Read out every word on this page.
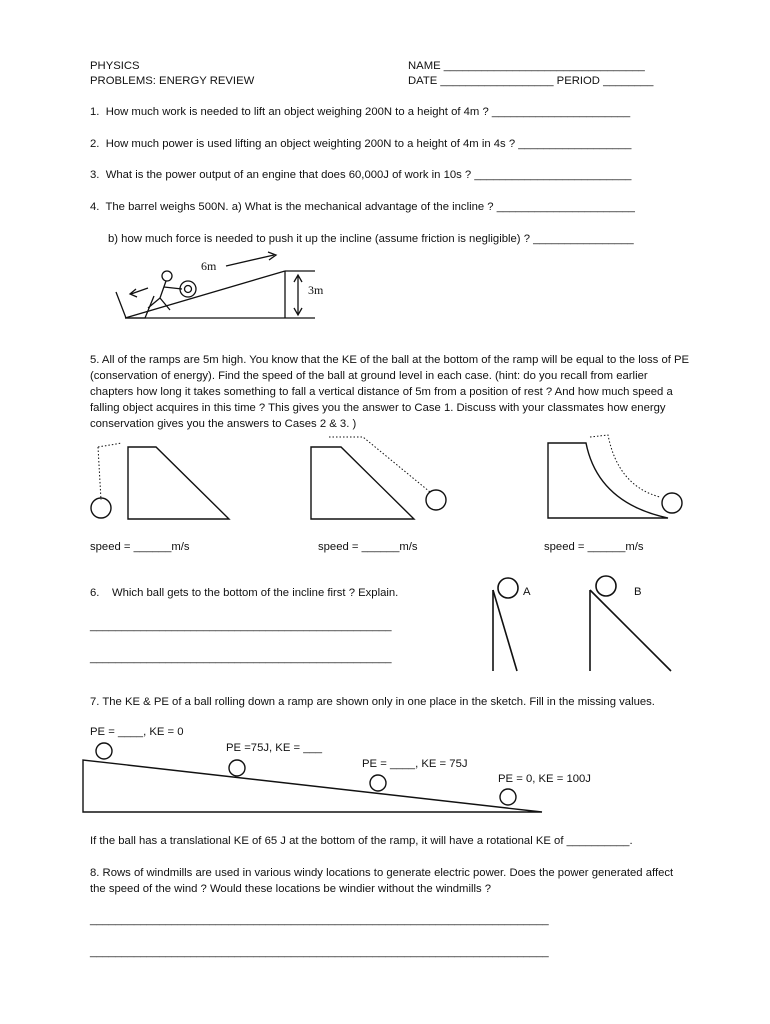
PHYSICS
PROBLEMS: ENERGY REVIEW
NAME ________________________________
DATE __________________ PERIOD ________
1.  How much work is needed to lift an object weighing 200N to a height of 4m ? ______________________
2.  How much power is used lifting an object weighting 200N to a height of 4m in 4s ? __________________
3.  What is the power output of an engine that does 60,000J of work in 10s ? _________________________
4.  The barrel weighs 500N. a) What is the mechanical advantage of the incline ? ______________________
b) how much force is needed to push it up the incline (assume friction is negligible) ? ________________
6m
3m
5. All of the ramps are 5m high. You know that the KE of the ball at the bottom of the ramp will be equal to the loss of PE (conservation of energy). Find the speed of the ball at ground level in each case. (hint: do you recall from earlier chapters how long it takes something to fall a vertical distance of 5m from a position of rest ? And how much speed a falling object acquires in this time ? This gives you the answer to Case 1. Discuss with your classmates how energy conservation gives you the answers to Cases 2 & 3. )
speed = ______m/s	speed = ______m/s	speed = ______m/s
6.    Which ball gets to the bottom of the incline first ? Explain.
________________________________________________
________________________________________________
A	B
7. The KE & PE of a ball rolling down a ramp are shown only in one place in the sketch. Fill in the missing values.
PE = ____, KE = 0
PE =75J, KE = ___
PE = ____, KE = 75J
PE = 0, KE = 100J
If the ball has a translational KE of 65 J at the bottom of the ramp, it will have a rotational KE of __________.
8. Rows of windmills are used in various windy locations to generate electric power. Does the power generated affect the speed of the wind ? Would these locations be windier without the windmills ?
_________________________________________________________________________
_________________________________________________________________________
